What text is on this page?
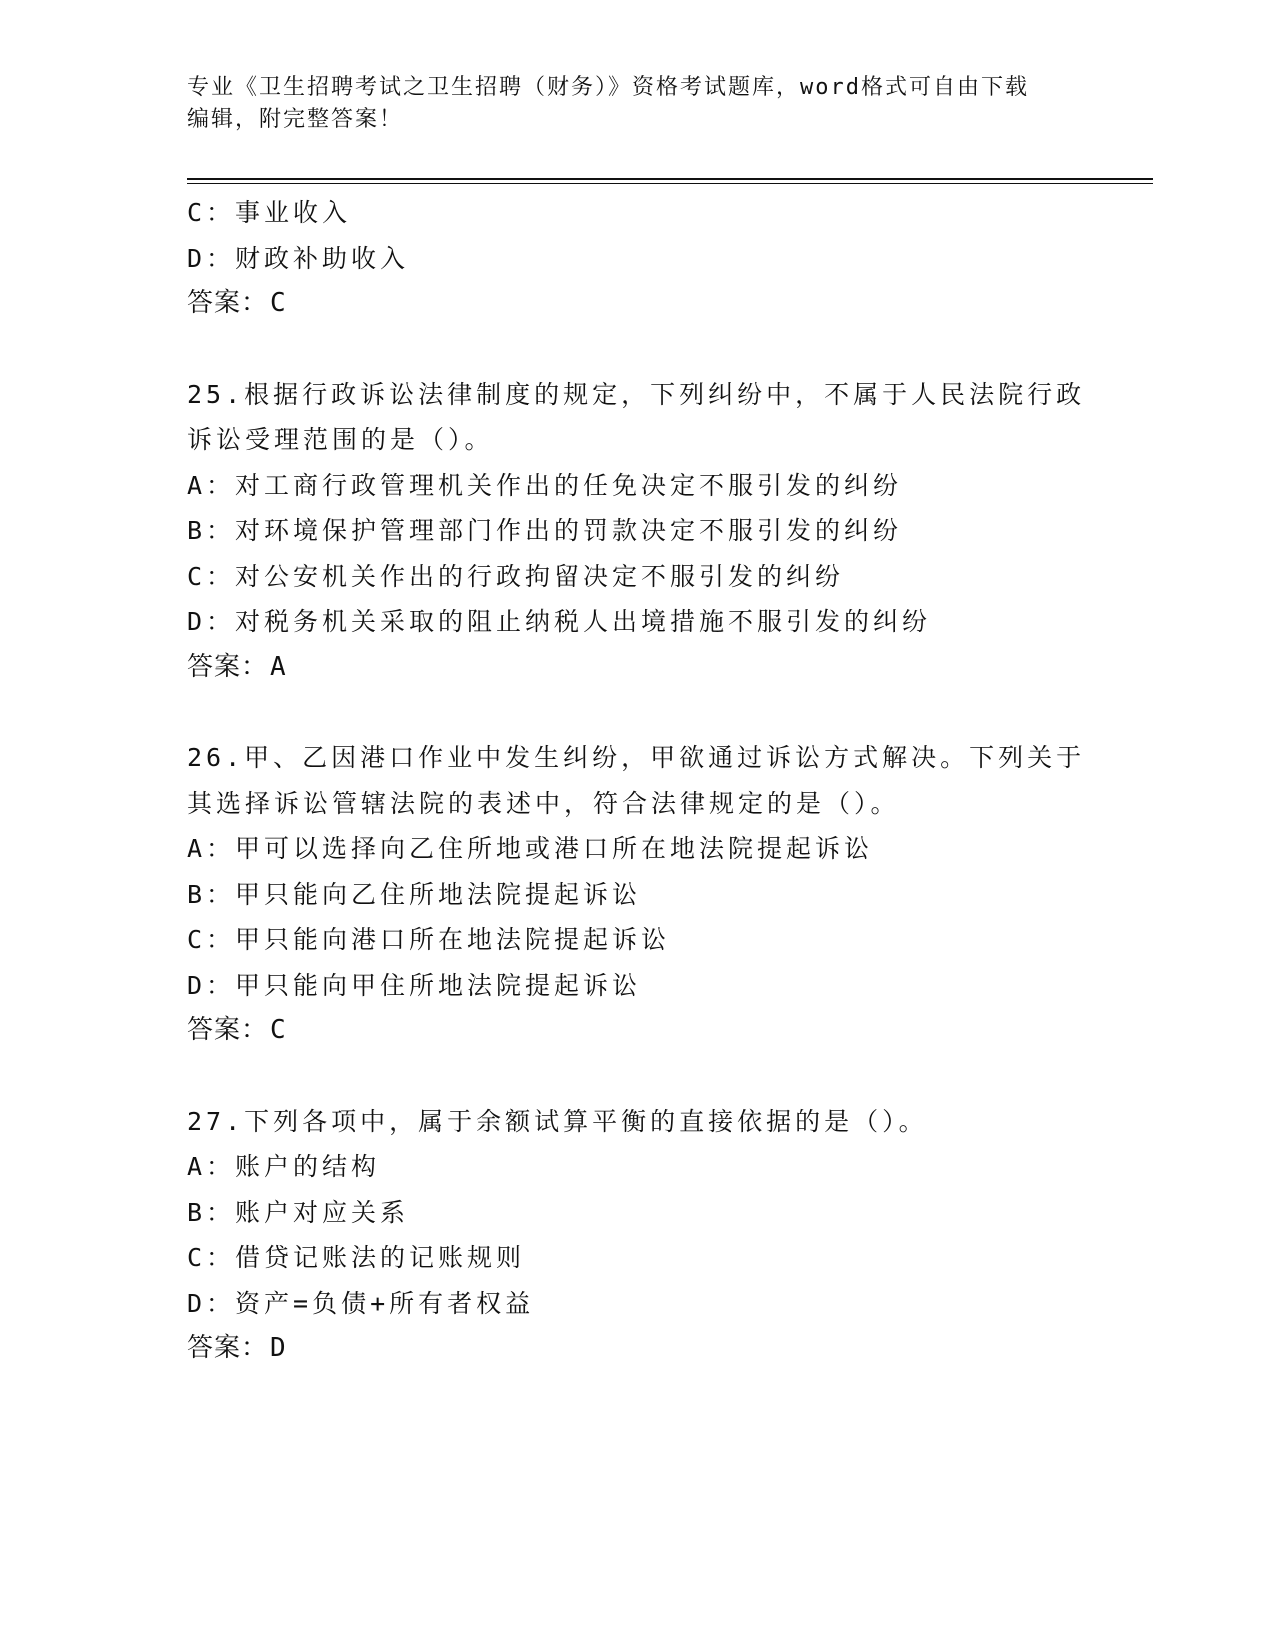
专业《卫生招聘考试之卫生招聘（财务）》资格考试题库，word格式可自由下载
编辑，附完整答案！
C：事业收入
D：财政补助收入
答案：C
25.根据行政诉讼法律制度的规定，下列纠纷中，不属于人民法院行政
诉讼受理范围的是（）。
A：对工商行政管理机关作出的任免决定不服引发的纠纷
B：对环境保护管理部门作出的罚款决定不服引发的纠纷
C：对公安机关作出的行政拘留决定不服引发的纠纷
D：对税务机关采取的阻止纳税人出境措施不服引发的纠纷
答案：A
26.甲、乙因港口作业中发生纠纷，甲欲通过诉讼方式解决。下列关于
其选择诉讼管辖法院的表述中，符合法律规定的是（）。
A：甲可以选择向乙住所地或港口所在地法院提起诉讼
B：甲只能向乙住所地法院提起诉讼
C：甲只能向港口所在地法院提起诉讼
D：甲只能向甲住所地法院提起诉讼
答案：C
27.下列各项中，属于余额试算平衡的直接依据的是（）。
A：账户的结构
B：账户对应关系
C：借贷记账法的记账规则
D：资产=负债+所有者权益
答案：D
